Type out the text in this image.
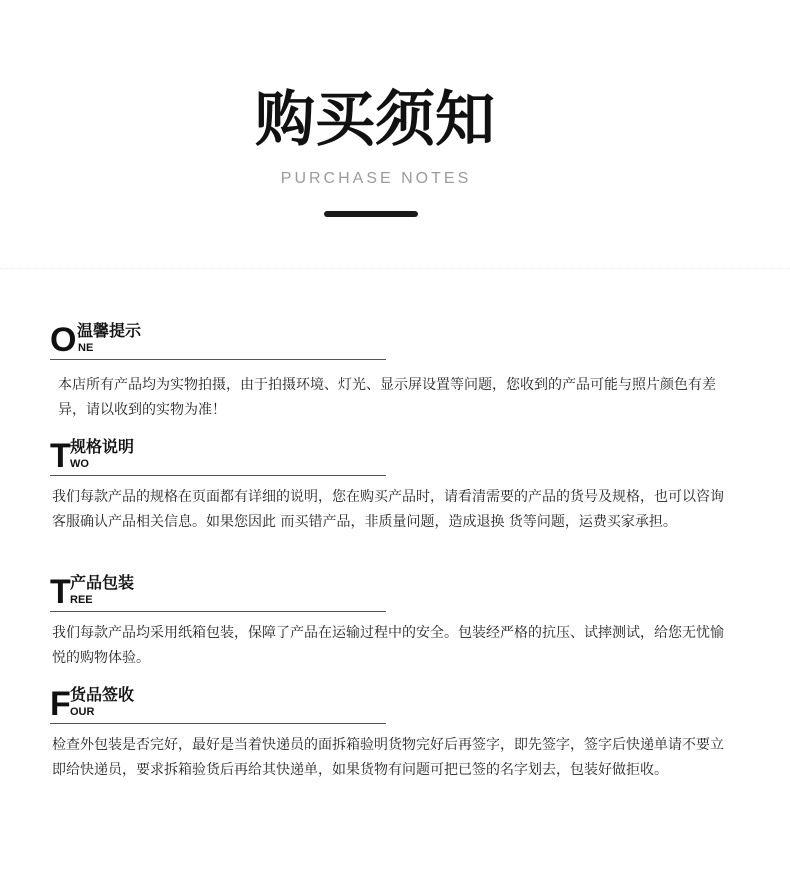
购买须知
PURCHASE NOTES
O 温馨提示
NE
本店所有产品均为实物拍摄，由于拍摄环境、灯光、显示屏设置等问题，您收到的产品可能与照片颜色有差异，请以收到的实物为准！
T 规格说明
WO
我们每款产品的规格在页面都有详细的说明，您在购买产品时，请看清需要的产品的货号及规格，也可以咨询客服确认产品相关信息。如果您因此 而买错产品，非质量问题，造成退换 货等问题，运费买家承担。
T 产品包装
REE
我们每款产品均采用纸箱包装，保障了产品在运输过程中的安全。包装经严格的抗压、试摔测试，给您无忧愉悦的购物体验。
F 货品签收
OUR
检查外包装是否完好，最好是当着快递员的面拆箱验明货物完好后再签字，即先签字，签字后快递单请不要立即给快递员，要求拆箱验货后再给其快递单，如果货物有问题可把已签的名字划去，包装好做拒收。
